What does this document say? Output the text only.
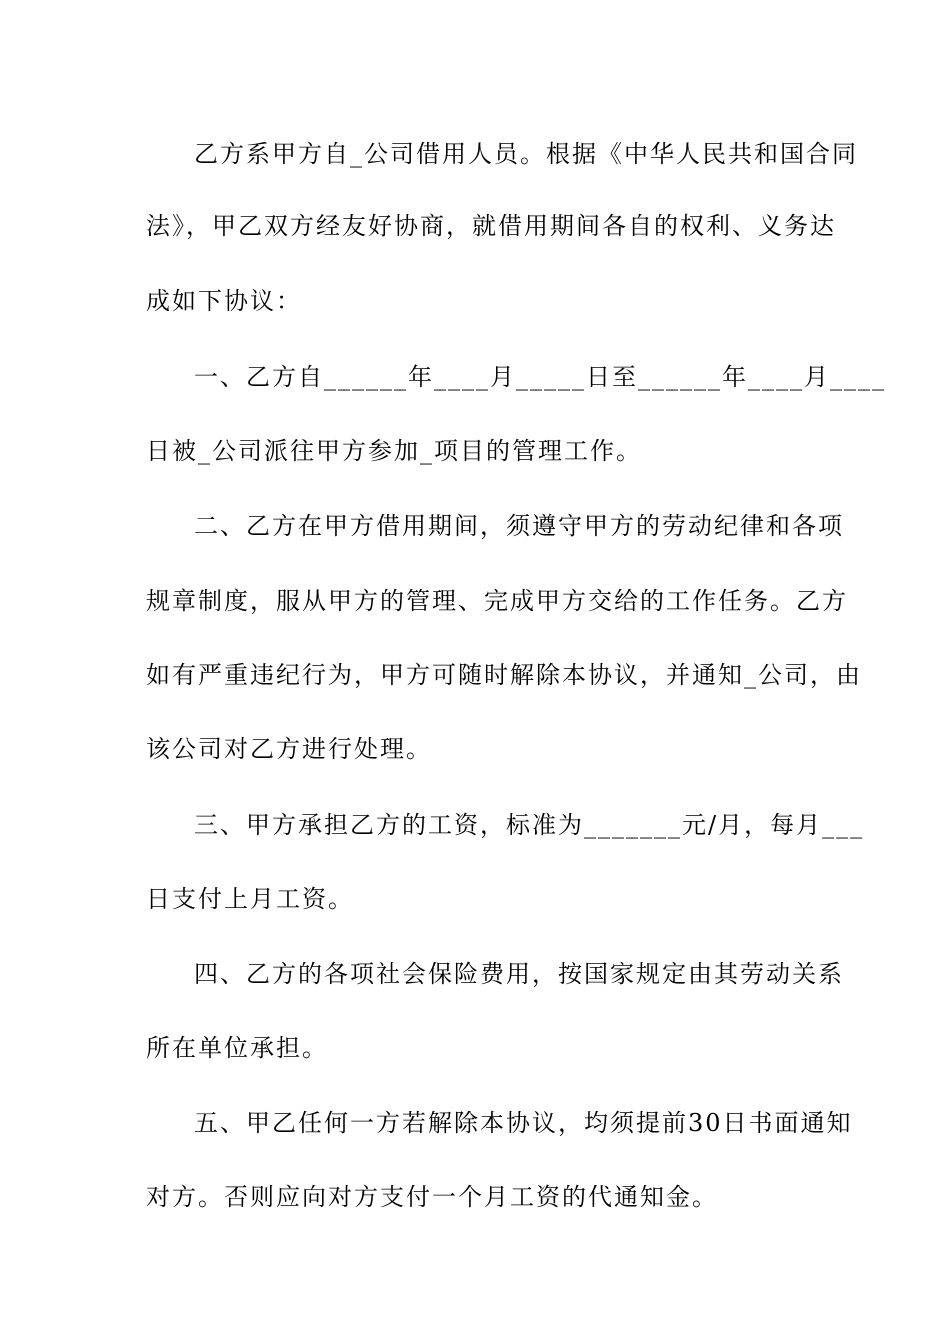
乙方系甲方自_公司借用人员。根据《中华人民共和国合同
法》，甲乙双方经友好协商，就借用期间各自的权利、义务达
成如下协议：
一、乙方自______年____月_____日至______年____月____
日被_公司派往甲方参加_项目的管理工作。
二、乙方在甲方借用期间，须遵守甲方的劳动纪律和各项
规章制度，服从甲方的管理、完成甲方交给的工作任务。乙方
如有严重违纪行为，甲方可随时解除本协议，并通知_公司，由
该公司对乙方进行处理。
三、甲方承担乙方的工资，标准为_______元/月，每月___
日支付上月工资。
四、乙方的各项社会保险费用，按国家规定由其劳动关系
所在单位承担。
五、甲乙任何一方若解除本协议，均须提前30日书面通知
对方。否则应向对方支付一个月工资的代通知金。
